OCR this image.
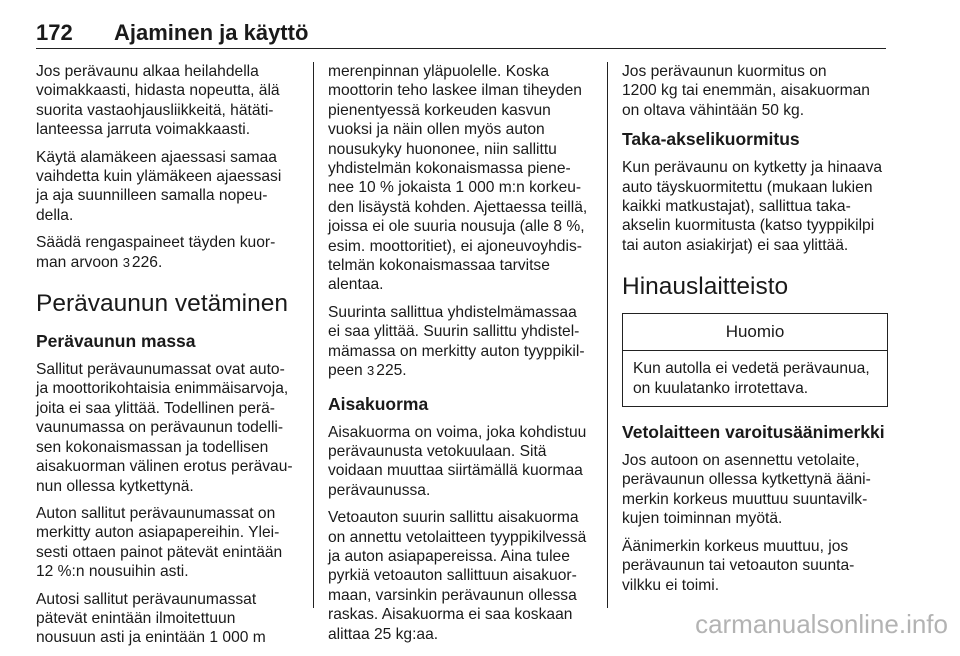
172 Ajaminen ja käyttö

Jos perävaunu alkaa heilahdella
voimakkaasti, hidasta nopeutta, älä
suorita vastaohjausliikkeitä, hätäti-
lanteessa jarruta voimakkaasti.

Käytä alamäkeen ajaessasi samaa
vaihdetta kuin ylämäkeen ajaessasi
ja aja suunnilleen samalla nopeu-
della.

Säädä rengaspaineet täyden kuor-
man arvoon 3 226.

Perävaunun vetäminen
Perävaunun massa

Sallitut perävaunumassat ovat auto-
ja moottorikohtaisia enimmäisarvoja,
joita ei saa ylittää. Todellinen perä-
vaunumassa on perävaunun todelli-
sen kokonaismassan ja todellisen
aisakuorman välinen erotus perävau-
nun ollessa kytkettynä.

Auton sallitut perävaunumassat on
merkitty auton asiapapereihin. Ylei-
sesti ottaen painot pätevät enintään
12 %:n nousuihin asti.

Autosi sallitut perävaunumassat
pätevät enintään ilmoitettuun
nousuun asti ja enintään 1 000 m

merenpinnan yläpuolelle. Koska
moottorin teho laskee ilman tiheyden
pienentyessä korkeuden kasvun
vuoksi ja näin ollen myös auton
nousukyky huononee, niin sallittu
yhdistelmän kokonaismassa piene-
nee 10 % jokaista 1 000 m:n korkeu-
den lisäystä kohden. Ajettaessa teillä,
joissa ei ole suuria nousuja (alle 8 %,
esim. moottoritiet), ei ajoneuvoyhdis-
telmän kokonaismassaa tarvitse
alentaa.

Suurinta sallittua yhdistelmämassaa
ei saa ylittää. Suurin sallittu yhdistel-
mämassa on merkitty auton tyyppikil-
peen 3 225.

Aisakuorma

Aisakuorma on voima, joka kohdistuu
perävaunusta vetokuulaan. Sitä
voidaan muuttaa siirtämällä kuormaa
perävaunussa.

Vetoauton suurin sallittu aisakuorma
on annettu vetolaitteen tyyppikilvessä
ja auton asiapapereissa. Aina tulee
pyrkiä vetoauton sallittuun aisakuor-
maan, varsinkin perävaunun ollessa
raskas. Aisakuorma ei saa koskaan
alittaa 25 kg:aa.

Jos perävaunun kuormitus on
1200 kg tai enemmän, aisakuorman
on oltava vähintään 50 kg.

Taka-akselikuormitus

Kun perävaunu on kytketty ja hinaava
auto täyskuormitettu (mukaan lukien
kaikki matkustajat), sallittua taka-
akselin kuormitusta (katso tyyppikilpi
tai auton asiakirjat) ei saa ylittää.

Hinauslaitteisto
Huomio
Kun autolla ei vedetä perävaunua,
on kuulatanko irrotettava.
Vetolaitteen varoitusäänimerkki

Jos autoon on asennettu vetolaite,
perävaunun ollessa kytkettynä ääni-
merkin korkeus muuttuu suuntavilk-
kujen toiminnan myötä.

Äänimerkin korkeus muuttuu, jos
perävaunun tai vetoauton suunta-
vilkku ei toimi.

carmanualsonline.info
